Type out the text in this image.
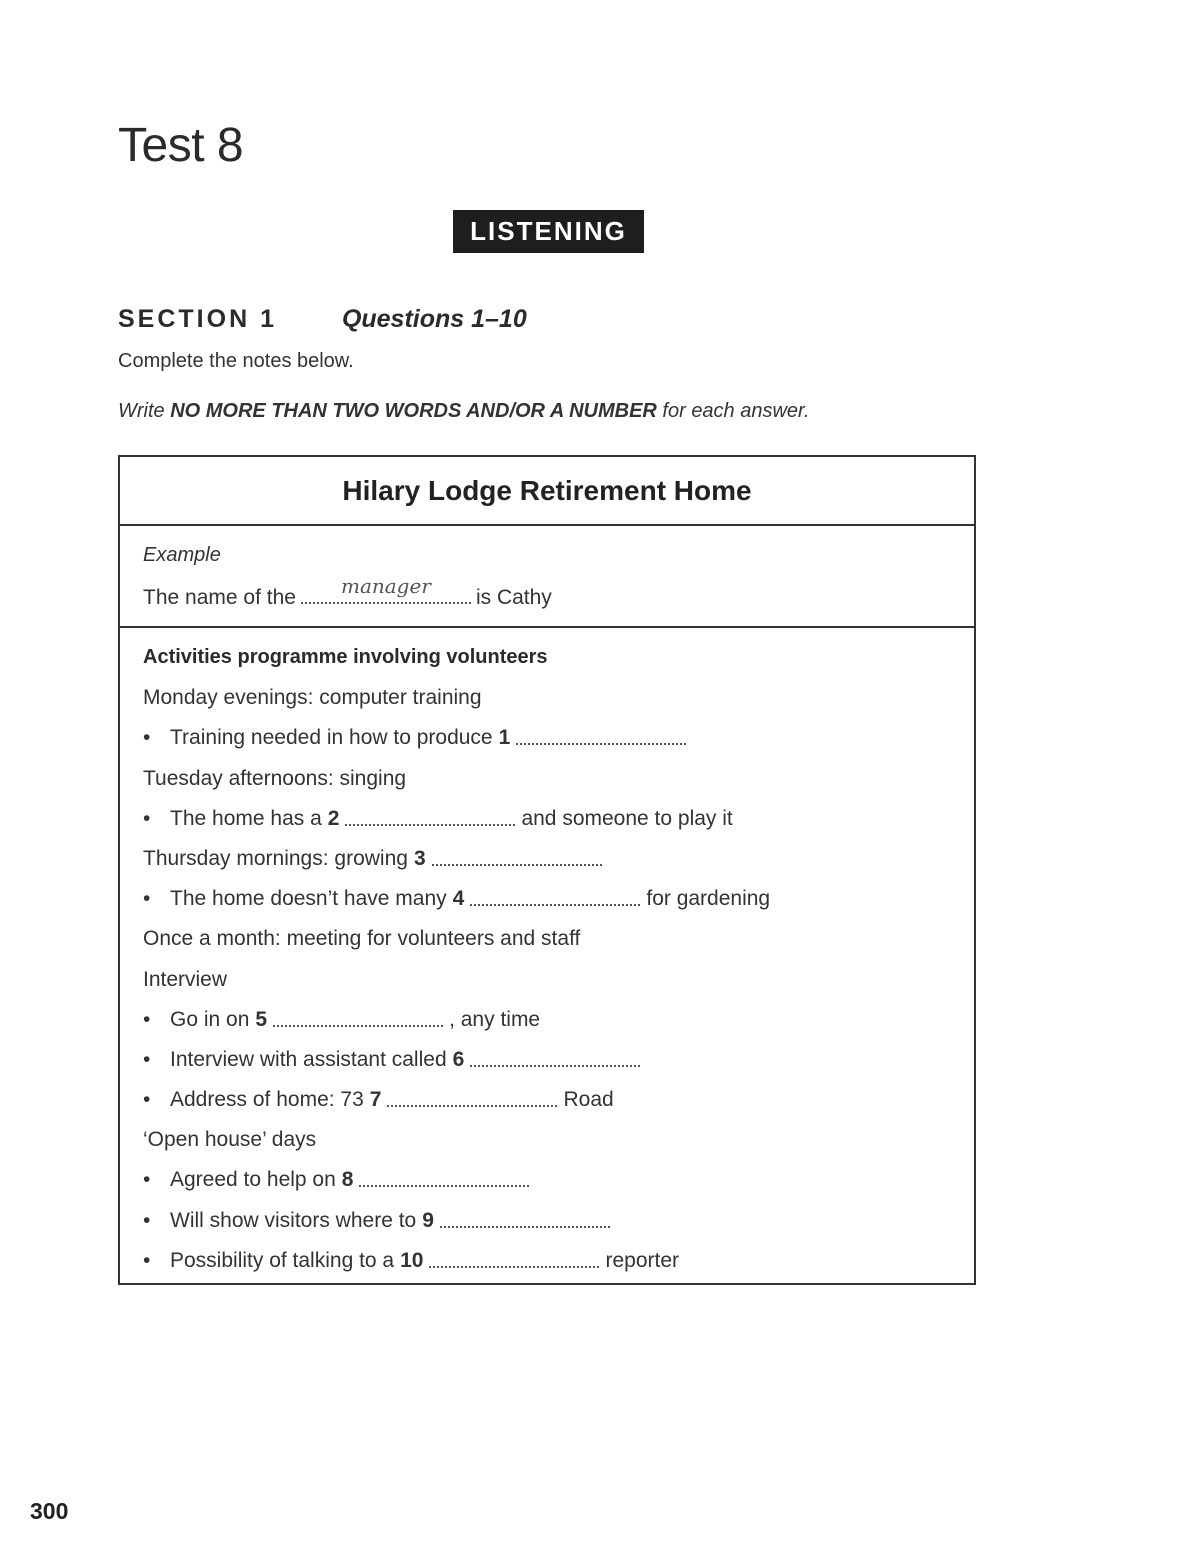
Test 8
LISTENING
SECTION 1	Questions 1–10
Complete the notes below.
Write NO MORE THAN TWO WORDS AND/OR A NUMBER for each answer.
Hilary Lodge Retirement Home
Example
The name of the	manager	is Cathy
Activities programme involving volunteers
Monday evenings: computer training
• Training needed in how to produce 1
Tuesday afternoons: singing
• The home has a 2	and someone to play it
Thursday mornings: growing 3
• The home doesn’t have many 4	for gardening
Once a month: meeting for volunteers and staff
Interview
• Go in on 5	, any time
• Interview with assistant called 6
• Address of home: 73 7	Road
‘Open house’ days
• Agreed to help on 8
• Will show visitors where to 9
• Possibility of talking to a 10	reporter
300
